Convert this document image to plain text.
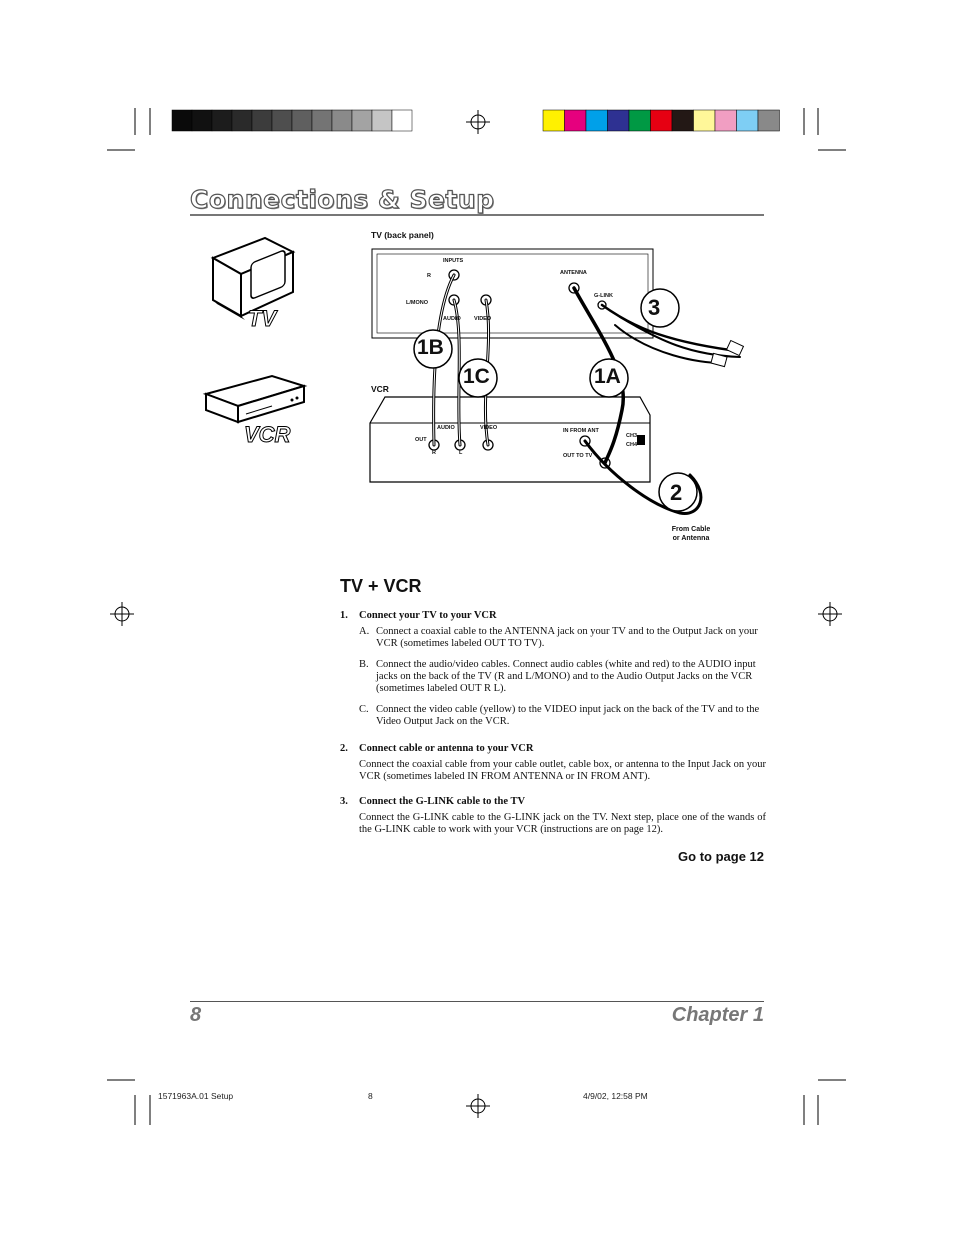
Connections & Setup
TV
VCR
TV (back panel)
3
1B
1C	1A
2
INPUTS
R
L/MONO
AUDIO VIDEO
ANTENNA
G-LINK
VCR
OUT
AUDIO	VIDEO
R	L
IN FROM ANT
OUT TO TV
CH3
CH4
From Cable
or Antenna
TV + VCR
1. Connect your TV to your VCR
A. Connect a coaxial cable to the ANTENNA jack on your TV and to the Output Jack on your VCR (sometimes labeled OUT TO TV).
B. Connect the audio/video cables. Connect audio cables (white and red) to the AUDIO input jacks on the back of the TV (R and L/MONO) and to the Audio Output Jacks on the VCR (sometimes labeled OUT R L).
C. Connect the video cable (yellow) to the VIDEO input jack on the back of the TV and to the Video Output Jack on the VCR.
2. Connect cable or antenna to your VCR
Connect the coaxial cable from your cable outlet, cable box, or antenna to the Input Jack on your VCR (sometimes labeled IN FROM ANTENNA or IN FROM ANT).
3. Connect the G-LINK cable to the TV
Connect the G-LINK cable to the G-LINK jack on the TV. Next step, place one of the wands of the G-LINK cable to work with your VCR (instructions are on page 12).
Go to page 12
8	Chapter 1
1571963A.01 Setup	8	4/9/02, 12:58 PM
